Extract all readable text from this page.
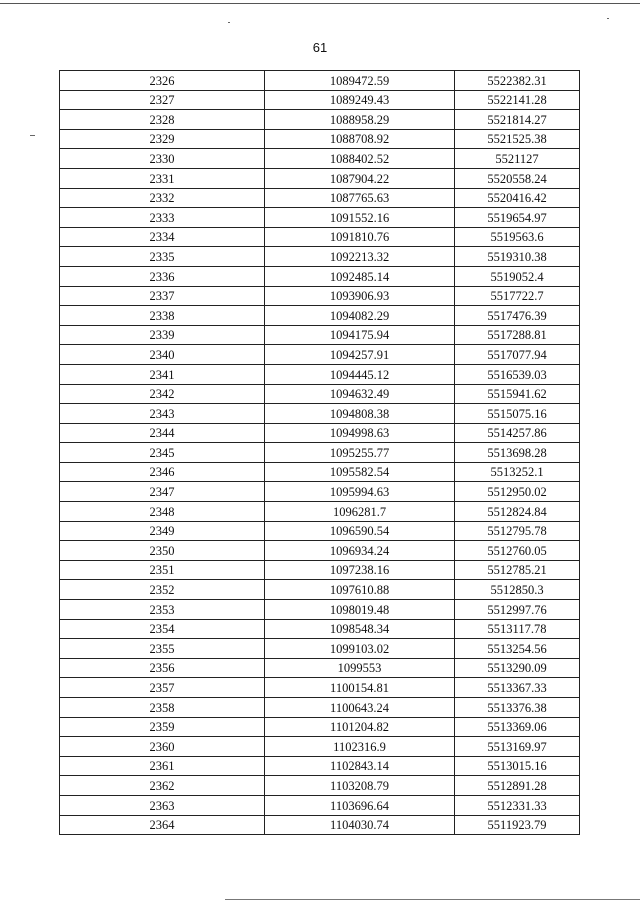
61
2326	1089472.59	5522382.31
2327	1089249.43	5522141.28
2328	1088958.29	5521814.27
2329	1088708.92	5521525.38
2330	1088402.52	5521127
2331	1087904.22	5520558.24
2332	1087765.63	5520416.42
2333	1091552.16	5519654.97
2334	1091810.76	5519563.6
2335	1092213.32	5519310.38
2336	1092485.14	5519052.4
2337	1093906.93	5517722.7
2338	1094082.29	5517476.39
2339	1094175.94	5517288.81
2340	1094257.91	5517077.94
2341	1094445.12	5516539.03
2342	1094632.49	5515941.62
2343	1094808.38	5515075.16
2344	1094998.63	5514257.86
2345	1095255.77	5513698.28
2346	1095582.54	5513252.1
2347	1095994.63	5512950.02
2348	1096281.7	5512824.84
2349	1096590.54	5512795.78
2350	1096934.24	5512760.05
2351	1097238.16	5512785.21
2352	1097610.88	5512850.3
2353	1098019.48	5512997.76
2354	1098548.34	5513117.78
2355	1099103.02	5513254.56
2356	1099553	5513290.09
2357	1100154.81	5513367.33
2358	1100643.24	5513376.38
2359	1101204.82	5513369.06
2360	1102316.9	5513169.97
2361	1102843.14	5513015.16
2362	1103208.79	5512891.28
2363	1103696.64	5512331.33
2364	1104030.74	5511923.79
